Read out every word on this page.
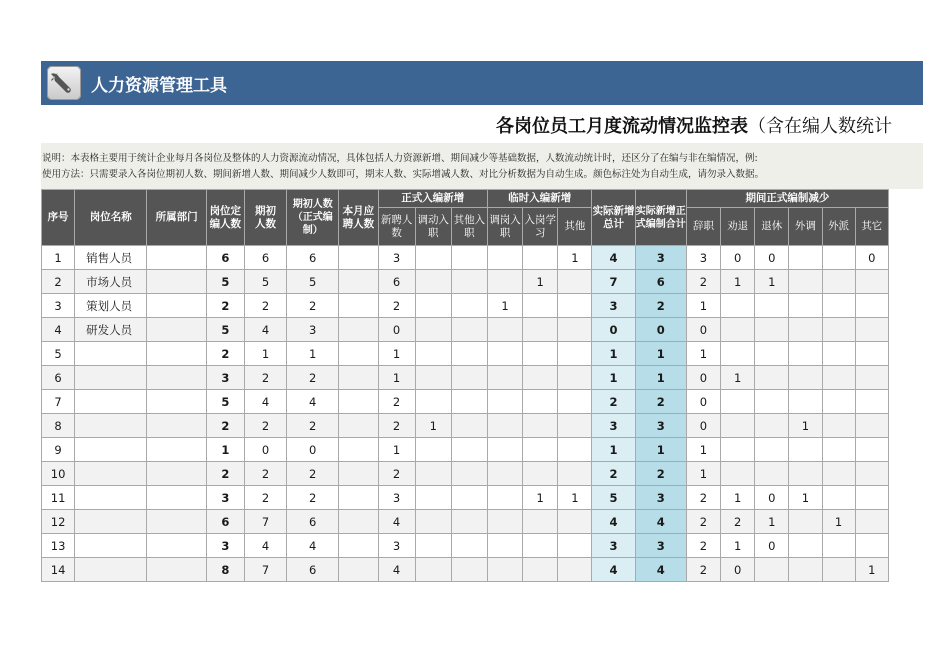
人力资源管理工具
各岗位员工月度流动情况监控表（含在编人数统计
说明：本表格主要用于统计企业每月各岗位及整体的人力资源流动情况，具体包括人力资源新增、期间减少等基础数据，人数流动统计时，还区分了在编与非在编情况，例:
使用方法：只需要录入各岗位期初人数、期间新增人数、期间减少人数即可，期末人数、实际增减人数、对比分析数据为自动生成。颜色标注处为自动生成，请勿录入数据。
序号	岗位名称	所属部门	岗位定编人数	期初人数	期初人数（正式编制）	本月应聘人数	正式入编新增			临时入编新增			实际新增总计	实际新增正式编制合计	期间正式编制减少					
							新聘人数	调动入职	其他入职	调岗入职	入岗学习	其他			辞职	劝退	退休	外调	外派	其它
1	销售人员		6	6	6		3					1	4	3	3	0	0			0
2	市场人员		5	5	5		6				1		7	6	2	1	1			
3	策划人员		2	2	2		2			1			3	2	1					
4	研发人员		5	4	3		0						0	0	0					
5			2	1	1		1						1	1	1					
6			3	2	2		1						1	1	0	1				
7			5	4	4		2						2	2	0					
8			2	2	2		2	1					3	3	0			1		
9			1	0	0		1						1	1	1					
10			2	2	2		2						2	2	1					
11			3	2	2		3				1	1	5	3	2	1	0	1		
12			6	7	6		4						4	4	2	2	1		1	
13			3	4	4		3						3	3	2	1	0			
14			8	7	6		4						4	4	2	0				1
